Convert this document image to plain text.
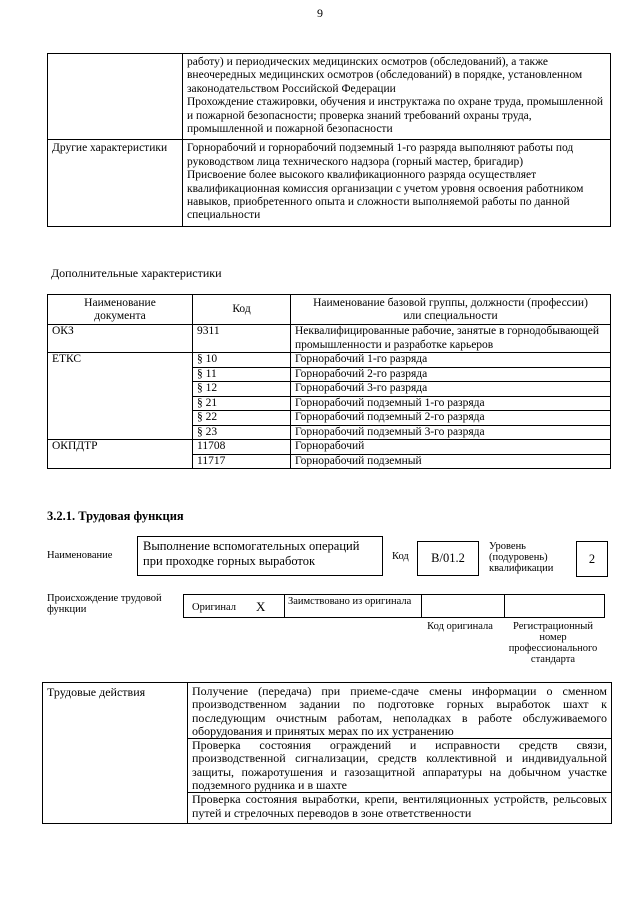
9

	работу) и периодических медицинских осмотров (обследований), а также внеочередных медицинских осмотров (обследований) в порядке, установленном законодательством Российской Федерации
Прохождение стажировки, обучения и инструктажа по охране труда, промышленной и пожарной безопасности; проверка знаний требований охраны труда, промышленной и пожарной безопасности

Другие характеристики	Горнорабочий и горнорабочий подземный 1-го разряда выполняют работы под руководством лица технического надзора (горный мастер, бригадир)
Присвоение более высокого квалификационного разряда осуществляет квалификационная комиссия организации с учетом уровня освоения работником навыков, приобретенного опыта и сложности выполняемой работы по данной специальности
Дополнительные характеристики
Наименование документа	Код	Наименование базовой группы, должности (профессии) или специальности
ОКЗ	9311	Неквалифицированные рабочие, занятые в горнодобывающей промышленности и разработке карьеров
ЕТКС	§ 10	Горнорабочий 1-го разряда
	§ 11	Горнорабочий 2-го разряда
	§ 12	Горнорабочий 3-го разряда
	§ 21	Горнорабочий подземный 1-го разряда
	§ 22	Горнорабочий подземный 2-го разряда
	§ 23	Горнорабочий подземный 3-го разряда
ОКПДТР	11708	Горнорабочий
	11717	Горнорабочий подземный
3.2.1. Трудовая функция
Наименование
Выполнение вспомогательных операций при проходке горных выработок	Код В/01.2
Уровень (подуровень) квалификации
2
Происхождение трудовой функции	Оригинал X Заимствовано из оригинала
Код оригинала	Регистрационный номер профессионального стандарта
Трудовые действия	Получение (передача) при приеме-сдаче смены информации о сменном производственном задании по подготовке горных выработок шахт к последующим очистным работам, неполадках в работе обслуживаемого оборудования и принятых мерах по их устранению
Проверка состояния ограждений и исправности средств связи, производственной сигнализации, средств коллективной и индивидуальной защиты, пожаротушения и газозащитной аппаратуры на добычном участке подземного рудника и в шахте
Проверка состояния выработки, крепи, вентиляционных устройств, рельсовых путей и стрелочных переводов в зоне ответственности
